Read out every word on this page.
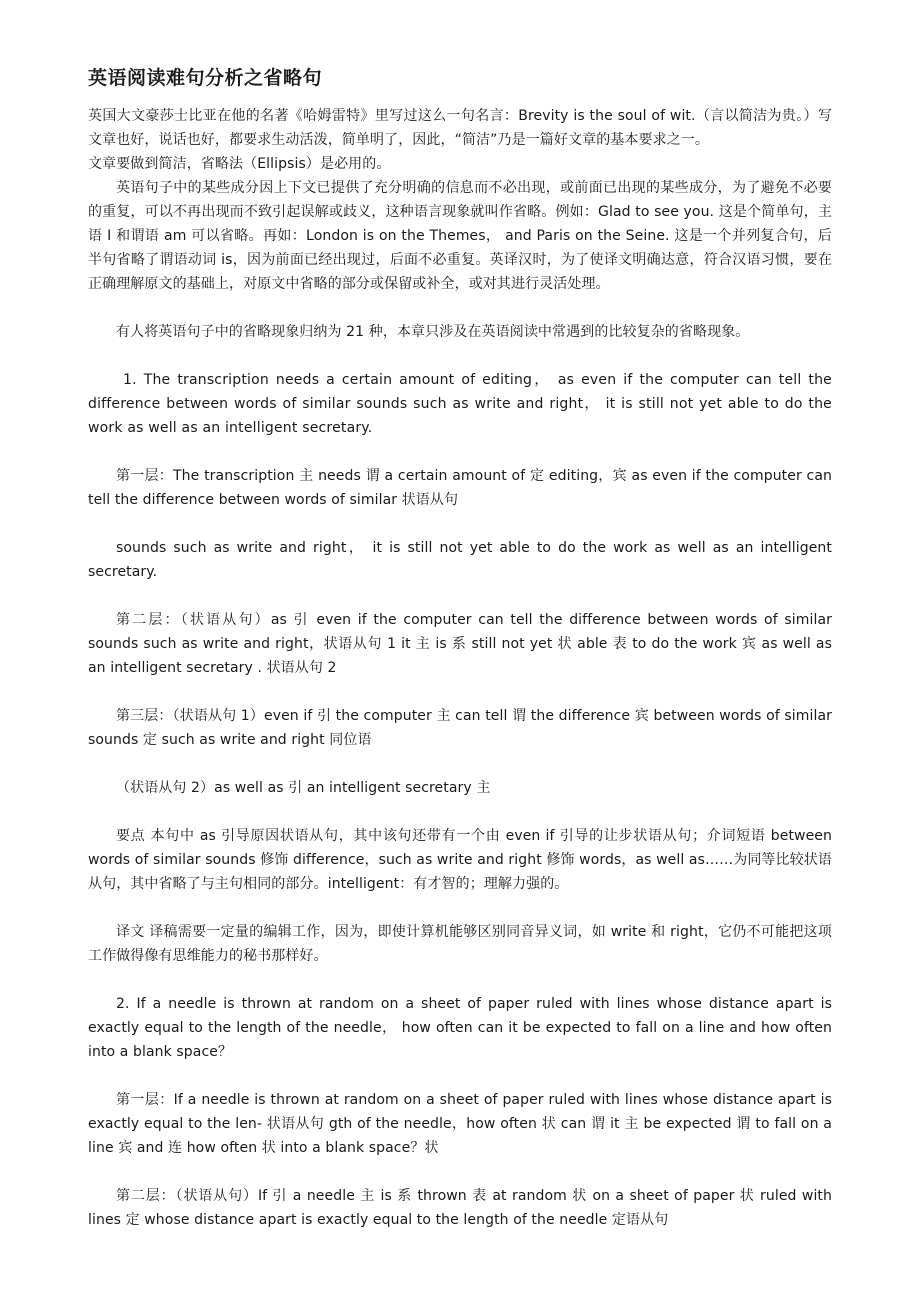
英语阅读难句分析之省略句

英国大文豪莎士比亚在他的名著《哈姆雷特》里写过这么一句名言：Brevity is the soul of wit.（言以简洁为贵。）写文章也好，说话也好，都要求生动活泼，简单明了，因此，“简洁”乃是一篇好文章的基本要求之一。

文章要做到简洁，省略法（Ellipsis）是必用的。

英语句子中的某些成分因上下文已提供了充分明确的信息而不必出现，或前面已出现的某些成分，为了避免不必要的重复，可以不再出现而不致引起误解或歧义，这种语言现象就叫作省略。例如：Glad to see you. 这是个简单句，主语 I 和谓语 am 可以省略。再如：London is on the Themes， and Paris on the Seine. 这是一个并列复合句，后半句省略了谓语动词 is，因为前面已经出现过，后面不必重复。英译汉时，为了使译文明确达意，符合汉语习惯，要在正确理解原文的基础上，对原文中省略的部分或保留或补全，或对其进行灵活处理。

有人将英语句子中的省略现象归纳为 21 种，本章只涉及在英语阅读中常遇到的比较复杂的省略现象。

1. The transcription needs a certain amount of editing， as even if the computer can tell the difference between words of similar sounds such as write and right， it is still not yet able to do the work as well as an intelligent secretary.

第一层：The transcription 主 needs 谓 a certain amount of 定 editing，宾 as even if the computer can tell the difference between words of similar 状语从句

sounds such as write and right， it is still not yet able to do the work as well as an intelligent secretary.

第二层：（状语从句）as 引 even if the computer can tell the difference between words of similar sounds such as write and right，状语从句 1 it 主 is 系 still not yet 状 able 表 to do the work 宾 as well as an intelligent secretary . 状语从句 2

第三层：（状语从句 1）even if 引 the computer 主 can tell 谓 the difference 宾 between words of similar sounds 定 such as write and right 同位语

（状语从句 2）as well as 引 an intelligent secretary 主

要点 本句中 as 引导原因状语从句，其中该句还带有一个由 even if 引导的让步状语从句；介词短语 between words of similar sounds 修饰 difference，such as write and right 修饰 words，as well as……为同等比较状语从句，其中省略了与主句相同的部分。intelligent：有才智的；理解力强的。

译文 译稿需要一定量的编辑工作，因为，即使计算机能够区别同音异义词，如 write 和 right，它仍不可能把这项工作做得像有思维能力的秘书那样好。

2. If a needle is thrown at random on a sheet of paper ruled with lines whose distance apart is exactly equal to the length of the needle， how often can it be expected to fall on a line and how often into a blank space？

第一层：If a needle is thrown at random on a sheet of paper ruled with lines whose distance apart is exactly equal to the len- 状语从句 gth of the needle，how often 状 can 谓 it 主 be expected 谓 to fall on a line 宾 and 连 how often 状 into a blank space？状

第二层：（状语从句）If 引 a needle 主 is 系 thrown 表 at random 状 on a sheet of paper 状 ruled with lines 定 whose distance apart is exactly equal to the length of the needle 定语从句
